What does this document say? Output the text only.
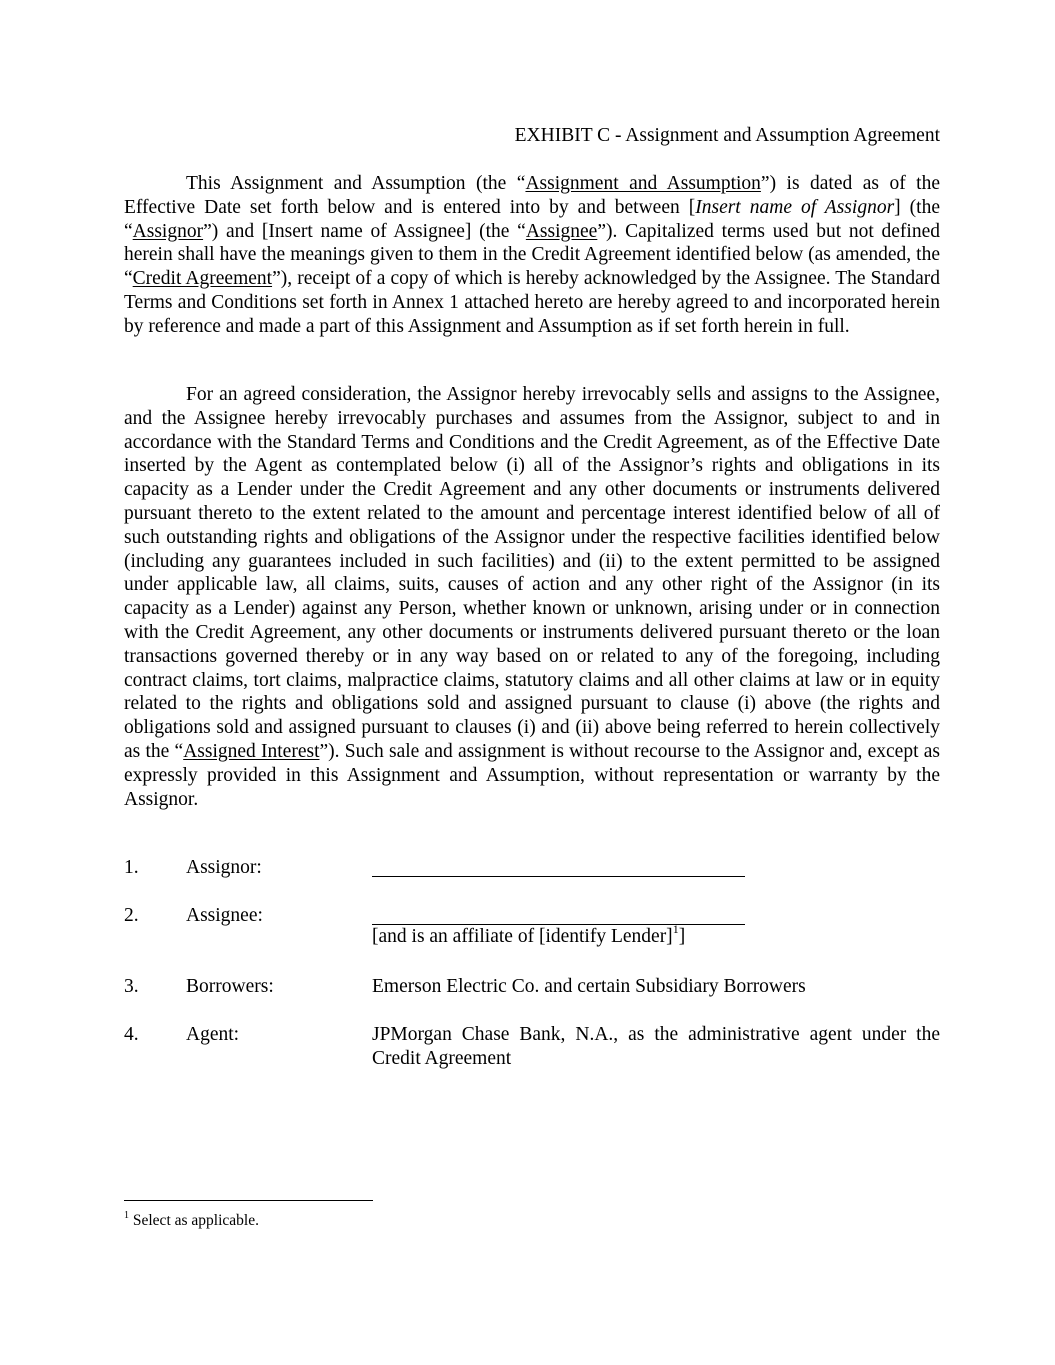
EXHIBIT C - Assignment and Assumption Agreement

This Assignment and Assumption (the “Assignment and Assumption”) is dated as of the Effective Date set forth below and is entered into by and between [Insert name of Assignor] (the “Assignor”) and [Insert name of Assignee] (the “Assignee”). Capitalized terms used but not defined herein shall have the meanings given to them in the Credit Agreement identified below (as amended, the “Credit Agreement”), receipt of a copy of which is hereby acknowledged by the Assignee. The Standard Terms and Conditions set forth in Annex 1 attached hereto are hereby agreed to and incorporated herein by reference and made a part of this Assignment and Assumption as if set forth herein in full.

For an agreed consideration, the Assignor hereby irrevocably sells and assigns to the Assignee, and the Assignee hereby irrevocably purchases and assumes from the Assignor, subject to and in accordance with the Standard Terms and Conditions and the Credit Agreement, as of the Effective Date inserted by the Agent as contemplated below (i) all of the Assignor’s rights and obligations in its capacity as a Lender under the Credit Agreement and any other documents or instruments delivered pursuant thereto to the extent related to the amount and percentage interest identified below of all of such outstanding rights and obligations of the Assignor under the respective facilities identified below (including any guarantees included in such facilities) and (ii) to the extent permitted to be assigned under applicable law, all claims, suits, causes of action and any other right of the Assignor (in its capacity as a Lender) against any Person, whether known or unknown, arising under or in connection with the Credit Agreement, any other documents or instruments delivered pursuant thereto or the loan transactions governed thereby or in any way based on or related to any of the foregoing, including contract claims, tort claims, malpractice claims, statutory claims and all other claims at law or in equity related to the rights and obligations sold and assigned pursuant to clause (i) above (the rights and obligations sold and assigned pursuant to clauses (i) and (ii) above being referred to herein collectively as the “Assigned Interest”). Such sale and assignment is without recourse to the Assignor and, except as expressly provided in this Assignment and Assumption, without representation or warranty by the Assignor.

1. Assignor:
2. Assignee:
[and is an affiliate of [identify Lender]$^1$]
3. Borrowers:	Emerson Electric Co. and certain Subsidiary Borrowers
4. Agent:	JPMorgan Chase Bank, N.A., as the administrative agent under the Credit Agreement
$^1$ Select as applicable.
